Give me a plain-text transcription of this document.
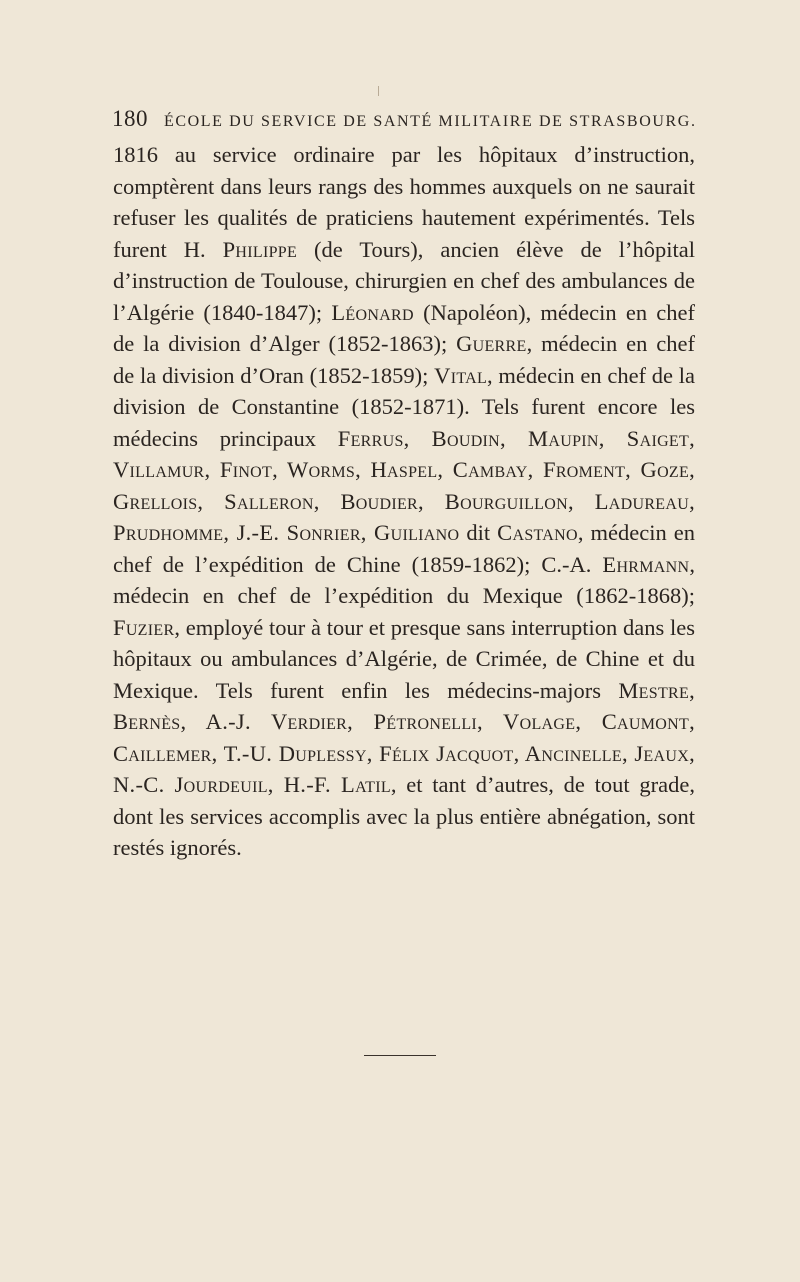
180 ÉCOLE DU SERVICE DE SANTÉ MILITAIRE DE STRASBOURG.

1816 au service ordinaire par les hôpitaux d’instruction, comptèrent dans leurs rangs des hommes auxquels on ne saurait refuser les qualités de praticiens hautement expérimentés. Tels furent H. Philippe (de Tours), ancien élève de l’hôpital d’instruction de Toulouse, chirurgien en chef des ambulances de l’Algérie (1840-1847); Léonard (Napoléon), médecin en chef de la division d’Alger (1852-1863); Guerre, médecin en chef de la division d’Oran (1852-1859); Vital, médecin en chef de la division de Constantine (1852-1871). Tels furent encore les médecins principaux Ferrus, Boudin, Maupin, Saiget, Villamur, Finot, Worms, Haspel, Cambay, Froment, Goze, Grellois, Salleron, Boudier, Bourguillon, Ladureau, Prudhomme, J.-E. Sonrier, Guiliano dit Castano, médecin en chef de l’expédition de Chine (1859-1862); C.-A. Ehrmann, médecin en chef de l’expédition du Mexique (1862-1868); Fuzier, employé tour à tour et presque sans interruption dans les hôpitaux ou ambulances d’Algérie, de Crimée, de Chine et du Mexique. Tels furent enfin les médecins-majors Mestre, Bernès, A.-J. Verdier, Pétronelli, Volage, Caumont, Caillemer, T.-U. Duplessy, Félix Jacquot, Ancinelle, Jeaux, N.-C. Jourdeuil, H.-F. Latil, et tant d’autres, de tout grade, dont les services accomplis avec la plus entière abnégation, sont restés ignorés.
